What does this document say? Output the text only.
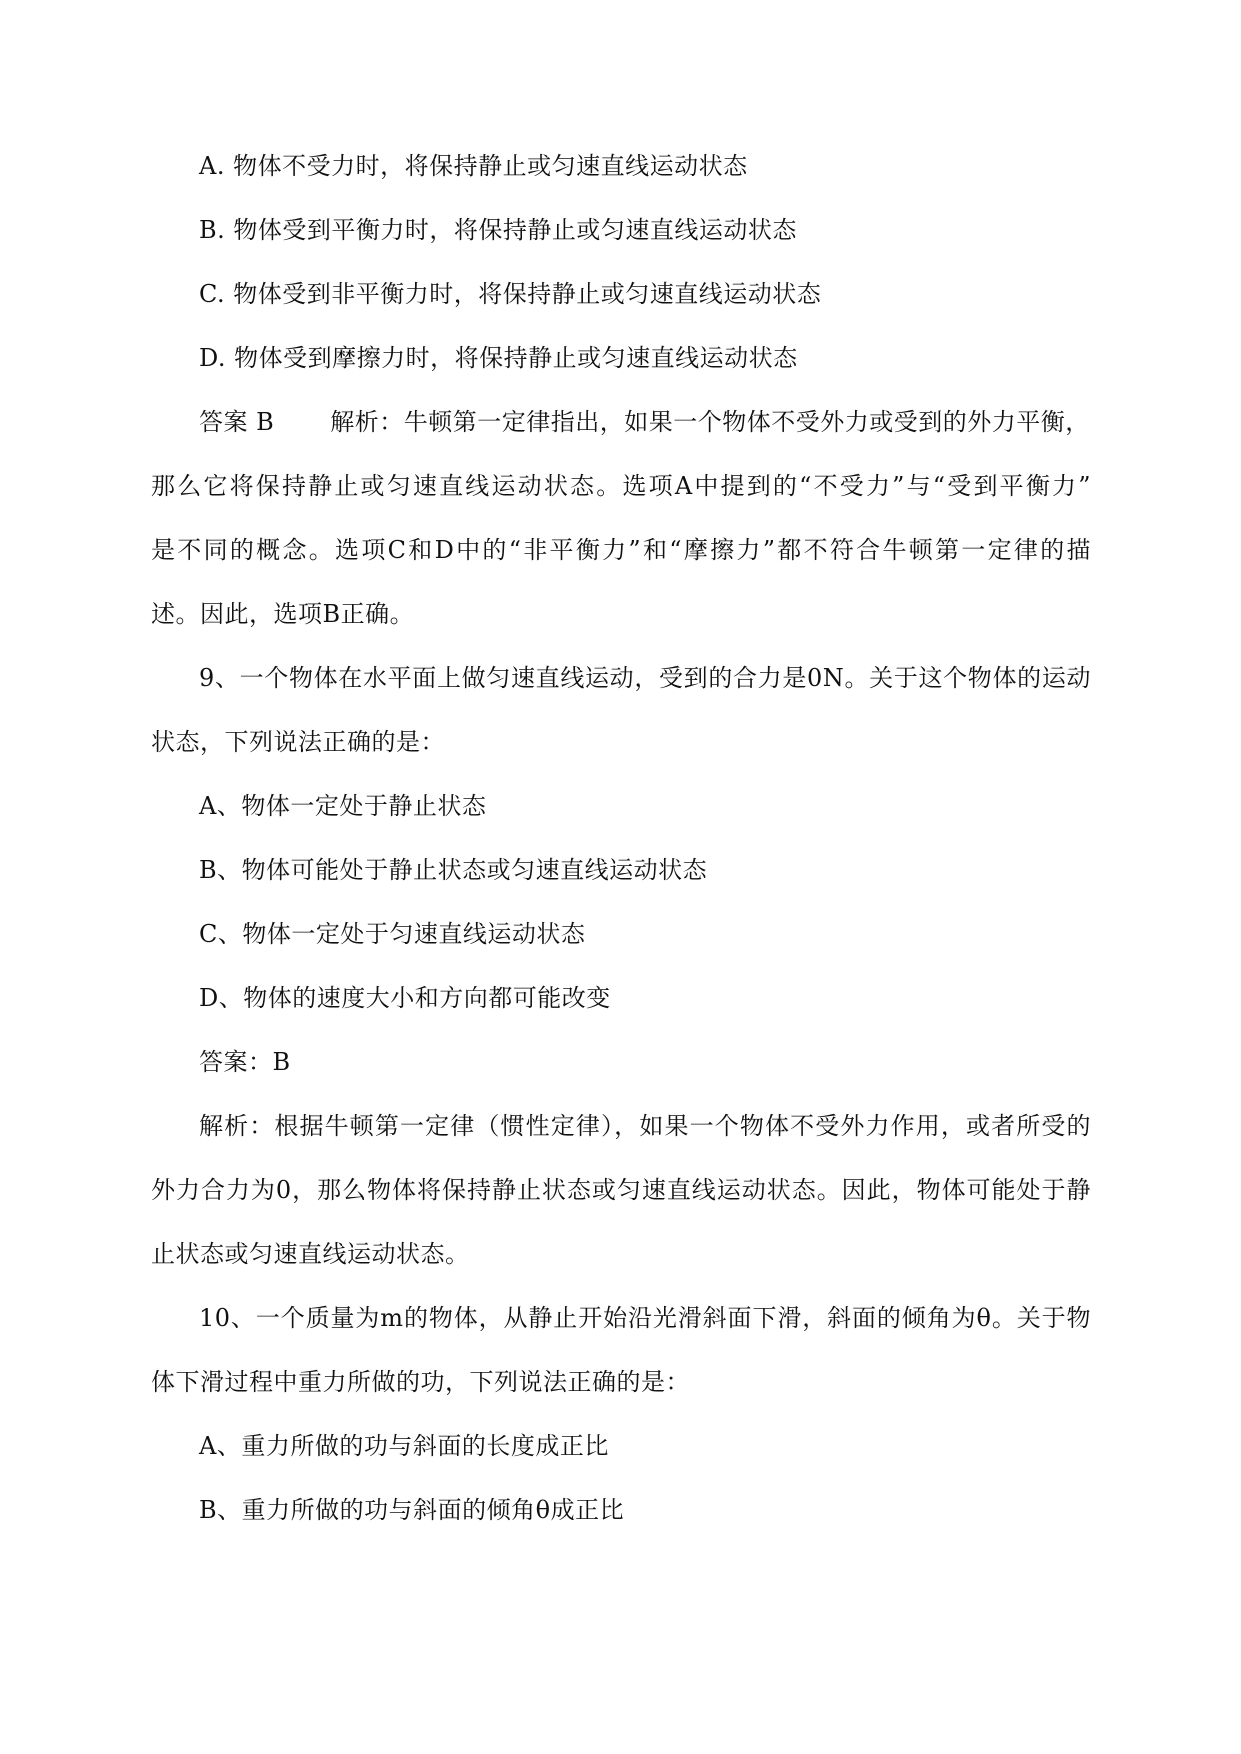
A. 物体不受力时，将保持静止或匀速直线运动状态
B. 物体受到平衡力时，将保持静止或匀速直线运动状态
C. 物体受到非平衡力时，将保持静止或匀速直线运动状态
D. 物体受到摩擦力时，将保持静止或匀速直线运动状态
答案 B 解析：牛顿第一定律指出，如果一个物体不受外力或受到的外力平衡，
那么它将保持静止或匀速直线运动状态。选项A中提到的“不受力”与“受到平衡力”
是不同的概念。选项C和D中的“非平衡力”和“摩擦力”都不符合牛顿第一定律的描
述。因此，选项B正确。
9、一个物体在水平面上做匀速直线运动，受到的合力是0N。关于这个物体的运动
状态，下列说法正确的是：
A、物体一定处于静止状态
B、物体可能处于静止状态或匀速直线运动状态
C、物体一定处于匀速直线运动状态
D、物体的速度大小和方向都可能改变
答案：B
解析：根据牛顿第一定律（惯性定律），如果一个物体不受外力作用，或者所受的
外力合力为0，那么物体将保持静止状态或匀速直线运动状态。因此，物体可能处于静
止状态或匀速直线运动状态。
10、一个质量为m的物体，从静止开始沿光滑斜面下滑，斜面的倾角为θ。关于物
体下滑过程中重力所做的功，下列说法正确的是：
A、重力所做的功与斜面的长度成正比
B、重力所做的功与斜面的倾角θ成正比
